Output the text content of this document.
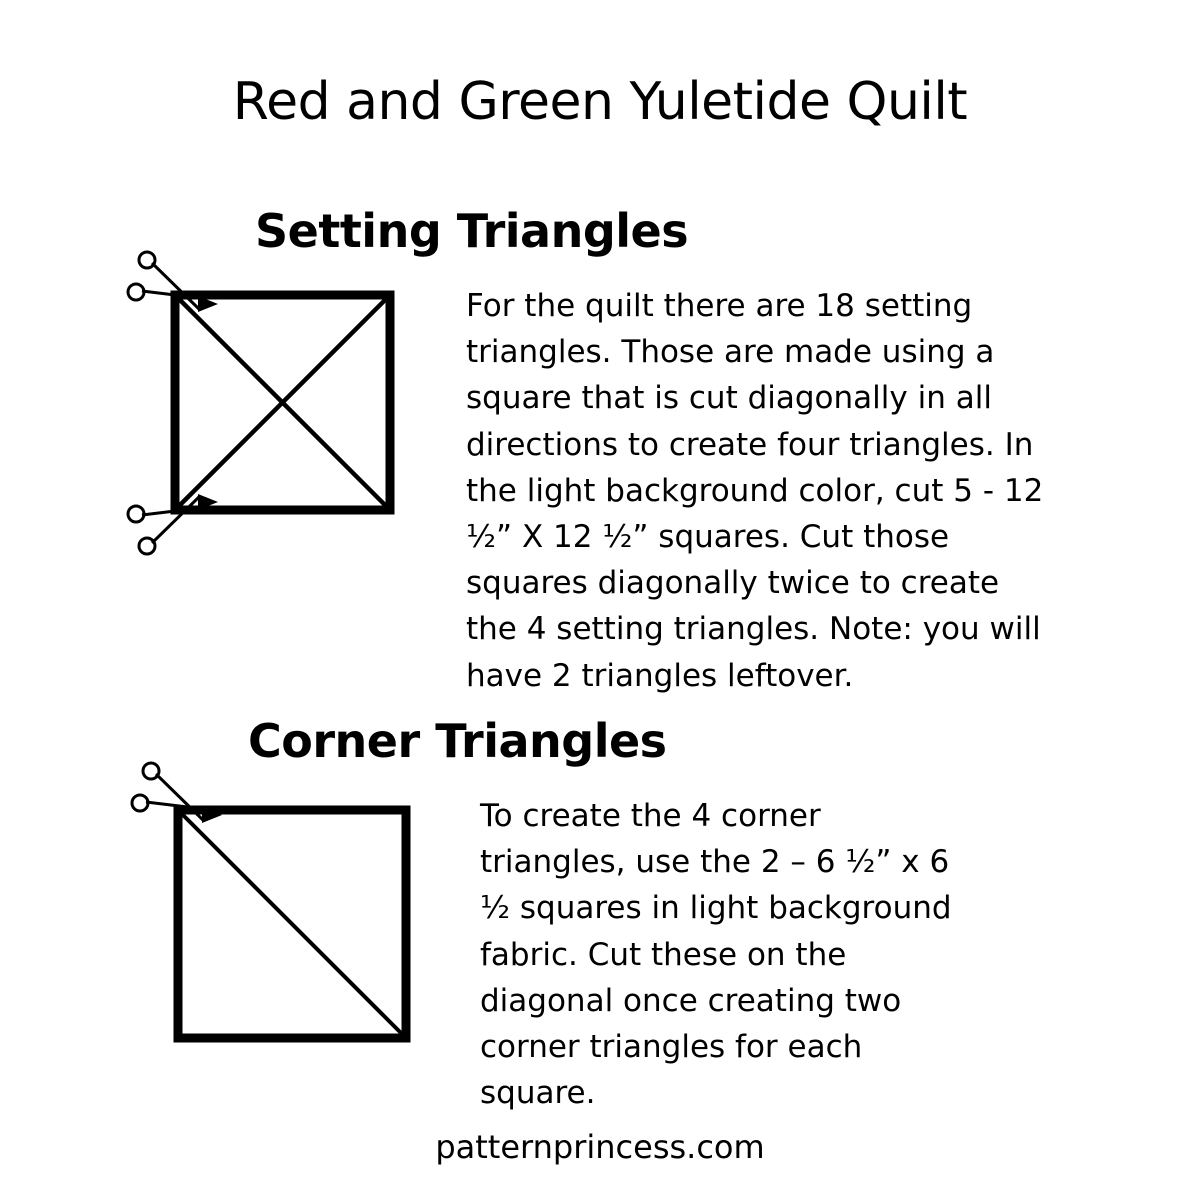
Red and Green Yuletide Quilt
Setting Triangles

For the quilt there are 18 setting triangles. Those are made using a square that is cut diagonally in all directions to create four triangles. In the light background color, cut 5 - 12 ½” X 12 ½” squares. Cut those squares diagonally twice to create the 4 setting triangles. Note: you will have 2 triangles leftover.

Corner Triangles

To create the 4 corner triangles, use the 2 – 6 ½” x 6 ½ squares in light background fabric. Cut these on the diagonal once creating two corner triangles for each square.

patternprincess.com
